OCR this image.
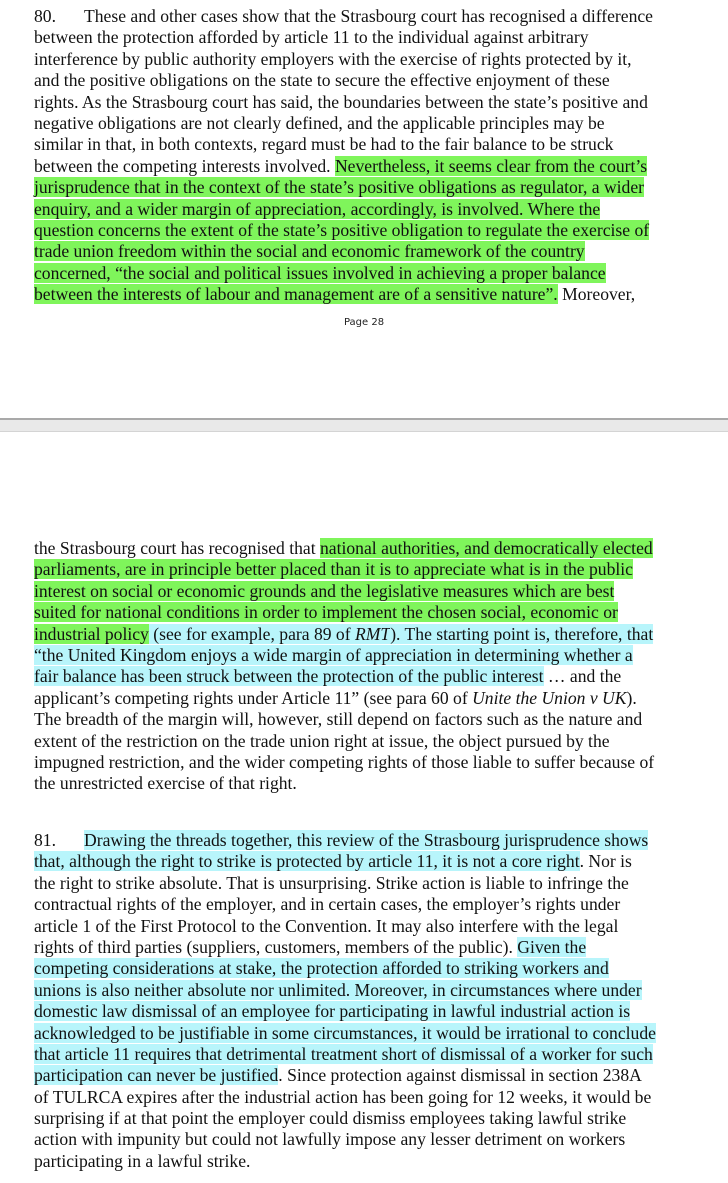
80. These and other cases show that the Strasbourg court has recognised a difference
between the protection afforded by article 11 to the individual against arbitrary
interference by public authority employers with the exercise of rights protected by it,
and the positive obligations on the state to secure the effective enjoyment of these
rights. As the Strasbourg court has said, the boundaries between the state’s positive and
negative obligations are not clearly defined, and the applicable principles may be
similar in that, in both contexts, regard must be had to the fair balance to be struck
between the competing interests involved. Nevertheless, it seems clear from the court’s
jurisprudence that in the context of the state’s positive obligations as regulator, a wider
enquiry, and a wider margin of appreciation, accordingly, is involved. Where the
question concerns the extent of the state’s positive obligation to regulate the exercise of
trade union freedom within the social and economic framework of the country
concerned, “the social and political issues involved in achieving a proper balance
between the interests of labour and management are of a sensitive nature”. Moreover,
Page 28
the Strasbourg court has recognised that national authorities, and democratically elected
parliaments, are in principle better placed than it is to appreciate what is in the public
interest on social or economic grounds and the legislative measures which are best
suited for national conditions in order to implement the chosen social, economic or
industrial policy (see for example, para 89 of RMT). The starting point is, therefore, that
“the United Kingdom enjoys a wide margin of appreciation in determining whether a
fair balance has been struck between the protection of the public interest … and the
applicant’s competing rights under Article 11” (see para 60 of Unite the Union v UK).
The breadth of the margin will, however, still depend on factors such as the nature and
extent of the restriction on the trade union right at issue, the object pursued by the
impugned restriction, and the wider competing rights of those liable to suffer because of
the unrestricted exercise of that right.
81. Drawing the threads together, this review of the Strasbourg jurisprudence shows
that, although the right to strike is protected by article 11, it is not a core right. Nor is
the right to strike absolute. That is unsurprising. Strike action is liable to infringe the
contractual rights of the employer, and in certain cases, the employer’s rights under
article 1 of the First Protocol to the Convention. It may also interfere with the legal
rights of third parties (suppliers, customers, members of the public). Given the
competing considerations at stake, the protection afforded to striking workers and
unions is also neither absolute nor unlimited. Moreover, in circumstances where under
domestic law dismissal of an employee for participating in lawful industrial action is
acknowledged to be justifiable in some circumstances, it would be irrational to conclude
that article 11 requires that detrimental treatment short of dismissal of a worker for such
participation can never be justified. Since protection against dismissal in section 238A
of TULRCA expires after the industrial action has been going for 12 weeks, it would be
surprising if at that point the employer could dismiss employees taking lawful strike
action with impunity but could not lawfully impose any lesser detriment on workers
participating in a lawful strike.
